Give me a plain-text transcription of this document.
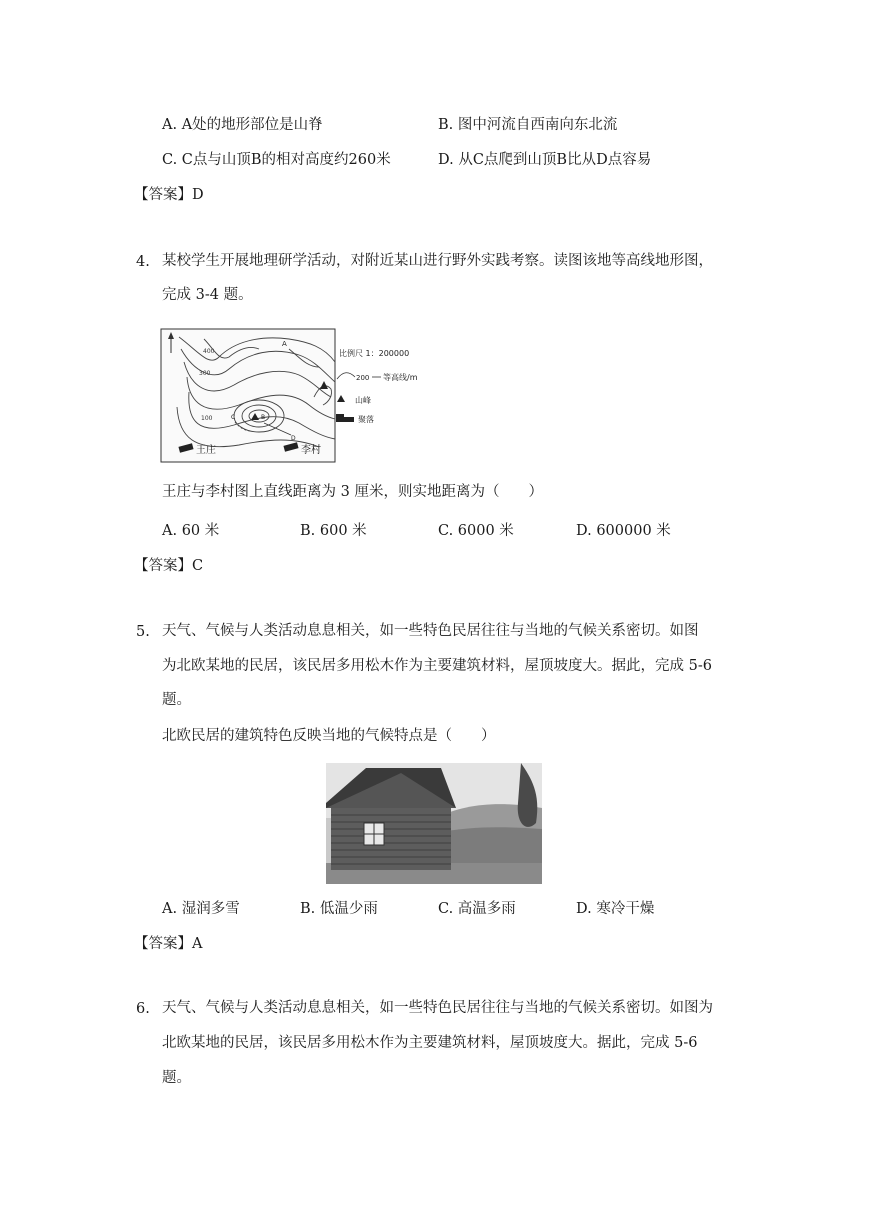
A. A处的地形部位是山脊	B. 图中河流自西南向东北流
C. C点与山顶B的相对高度约260米	D. 从C点爬到山顶B比从D点容易
【答案】D
4. 某校学生开展地理研学活动，对附近某山进行野外实践考察。读图该地等高线地形图，
完成 3-4 题。
400
300
100
A
B
C
D
王庄	李村
比例尺 1：200000
200 等高线/m
山峰
聚落
王庄与李村图上直线距离为 3 厘米，则实地距离为（　　）
A. 60 米	B. 600 米	C. 6000 米	D. 600000 米
【答案】C
5. 天气、气候与人类活动息息相关，如一些特色民居往往与当地的气候关系密切。如图
为北欧某地的民居，该民居多用松木作为主要建筑材料，屋顶坡度大。据此，完成 5-6
题。
北欧民居的建筑特色反映当地的气候特点是（　　）
A. 湿润多雪	B. 低温少雨	C. 高温多雨	D. 寒冷干燥
【答案】A
6. 天气、气候与人类活动息息相关，如一些特色民居往往与当地的气候关系密切。如图为
北欧某地的民居，该民居多用松木作为主要建筑材料，屋顶坡度大。据此，完成 5-6
题。
